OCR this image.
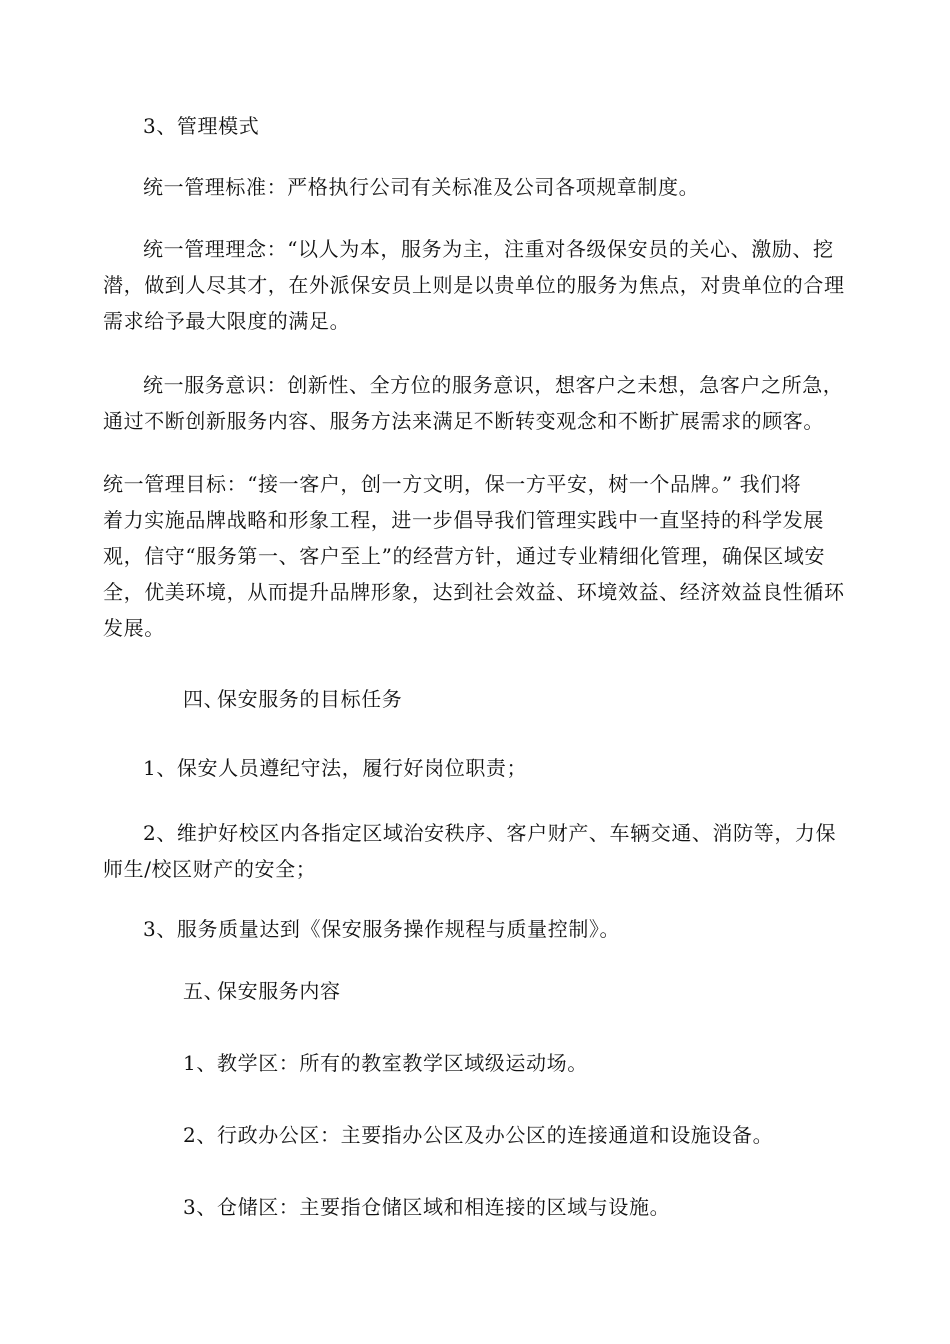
3、管理模式

统一管理标准：严格执行公司有关标准及公司各项规章制度。

统一管理理念：“以人为本，服务为主，注重对各级保安员的关心、激励、挖
潜，做到人尽其才，在外派保安员上则是以贵单位的服务为焦点，对贵单位的合理
需求给予最大限度的满足。

统一服务意识：创新性、全方位的服务意识，想客户之未想，急客户之所急，
通过不断创新服务内容、服务方法来满足不断转变观念和不断扩展需求的顾客。

统一管理目标：“接一客户，创一方文明，保一方平安，树一个品牌。” 我们将
着力实施品牌战略和形象工程，进一步倡导我们管理实践中一直坚持的科学发展
观，信守“服务第一、客户至上”的经营方针，通过专业精细化管理，确保区域安
全，优美环境，从而提升品牌形象，达到社会效益、环境效益、经济效益良性循环
发展。

四、保安服务的目标任务

1、保安人员遵纪守法，履行好岗位职责；

2、维护好校区内各指定区域治安秩序、客户财产、车辆交通、消防等，力保
师生/校区财产的安全；

3、服务质量达到《保安服务操作规程与质量控制》。

五、保安服务内容

1、教学区：所有的教室教学区域级运动场。

2、行政办公区：主要指办公区及办公区的连接通道和设施设备。

3、仓储区：主要指仓储区域和相连接的区域与设施。
